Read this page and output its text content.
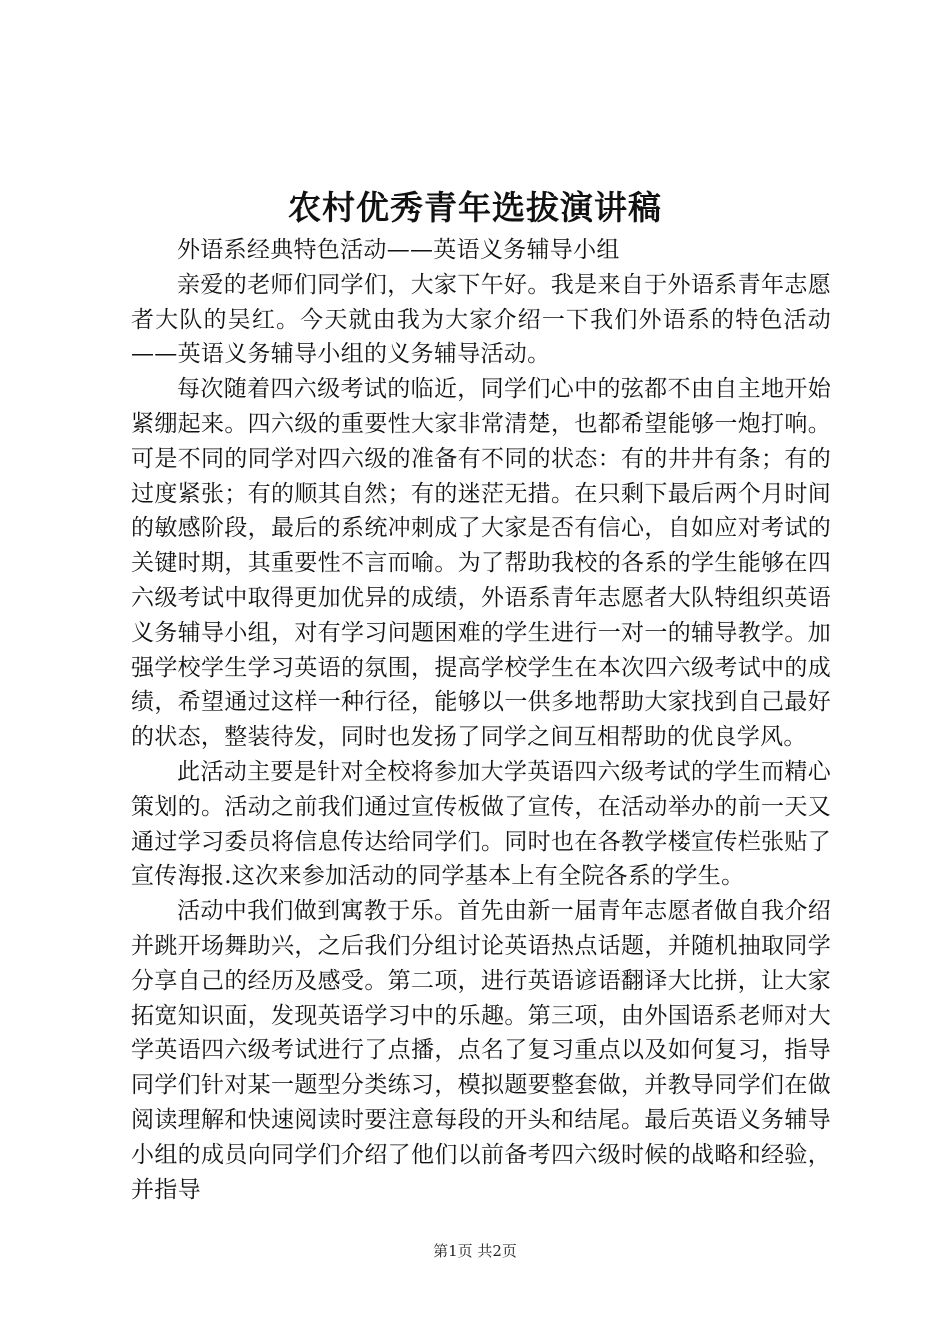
农村优秀青年选拔演讲稿

外语系经典特色活动——英语义务辅导小组

亲爱的老师们同学们，大家下午好。我是来自于外语系青年志愿者大队的吴红。今天就由我为大家介绍一下我们外语系的特色活动——英语义务辅导小组的义务辅导活动。

每次随着四六级考试的临近，同学们心中的弦都不由自主地开始紧绷起来。四六级的重要性大家非常清楚，也都希望能够一炮打响。可是不同的同学对四六级的准备有不同的状态：有的井井有条；有的过度紧张；有的顺其自然；有的迷茫无措。在只剩下最后两个月时间的敏感阶段，最后的系统冲刺成了大家是否有信心，自如应对考试的关键时期，其重要性不言而喻。为了帮助我校的各系的学生能够在四六级考试中取得更加优异的成绩，外语系青年志愿者大队特组织英语义务辅导小组，对有学习问题困难的学生进行一对一的辅导教学。加强学校学生学习英语的氛围，提高学校学生在本次四六级考试中的成绩，希望通过这样一种行径，能够以一供多地帮助大家找到自己最好的状态，整装待发，同时也发扬了同学之间互相帮助的优良学风。

此活动主要是针对全校将参加大学英语四六级考试的学生而精心策划的。活动之前我们通过宣传板做了宣传，在活动举办的前一天又通过学习委员将信息传达给同学们。同时也在各教学楼宣传栏张贴了宣传海报.这次来参加活动的同学基本上有全院各系的学生。

活动中我们做到寓教于乐。首先由新一届青年志愿者做自我介绍并跳开场舞助兴，之后我们分组讨论英语热点话题，并随机抽取同学分享自己的经历及感受。第二项，进行英语谚语翻译大比拼，让大家拓宽知识面，发现英语学习中的乐趣。第三项，由外国语系老师对大学英语四六级考试进行了点播，点名了复习重点以及如何复习，指导同学们针对某一题型分类练习，模拟题要整套做，并教导同学们在做阅读理解和快速阅读时要注意每段的开头和结尾。最后英语义务辅导小组的成员向同学们介绍了他们以前备考四六级时候的战略和经验，并指导

第1页 共2页
